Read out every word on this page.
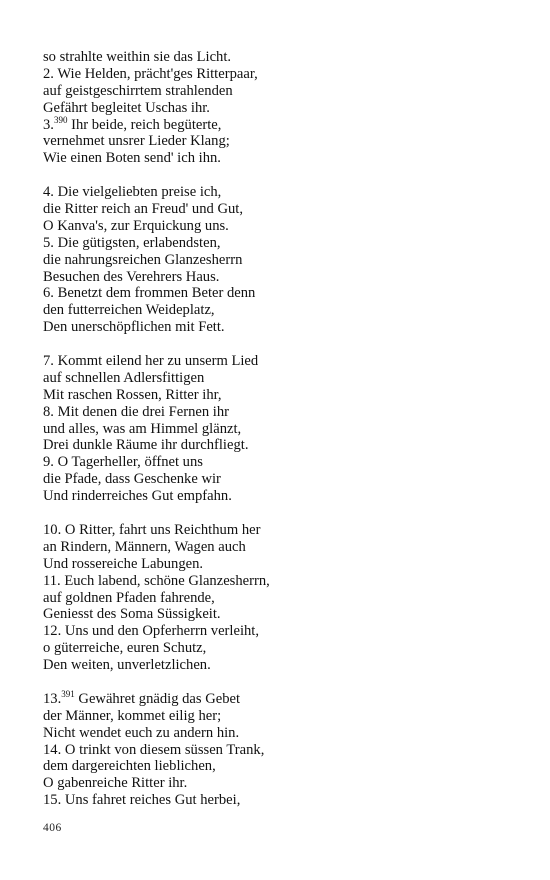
so strahlte weithin sie das Licht.
2. Wie Helden, prächt'ges Ritterpaar,
auf geistgeschirrtem strahlenden
Gefährt begleitet Uschas ihr.
3.$^{390}$ Ihr beide, reich begüterte,
vernehmet unsrer Lieder Klang;
Wie einen Boten send' ich ihn.
4. Die vielgeliebten preise ich,
die Ritter reich an Freud' und Gut,
O Kanva's, zur Erquickung uns.
5. Die gütigsten, erlabendsten,
die nahrungsreichen Glanzesherrn
Besuchen des Verehrers Haus.
6. Benetzt dem frommen Beter denn
den futterreichen Weideplatz,
Den unerschöpflichen mit Fett.
7. Kommt eilend her zu unserm Lied
auf schnellen Adlersfittigen
Mit raschen Rossen, Ritter ihr,
8. Mit denen die drei Fernen ihr
und alles, was am Himmel glänzt,
Drei dunkle Räume ihr durchfliegt.
9. O Tagerheller, öffnet uns
die Pfade, dass Geschenke wir
Und rinderreiches Gut empfahn.
10. O Ritter, fahrt uns Reichthum her
an Rindern, Männern, Wagen auch
Und rossereiche Labungen.
11. Euch labend, schöne Glanzesherrn,
auf goldnen Pfaden fahrende,
Geniesst des Soma Süssigkeit.
12. Uns und den Opferherrn verleiht,
o güterreiche, euren Schutz,
Den weiten, unverletzlichen.
13.$^{391}$ Gewähret gnädig das Gebet
der Männer, kommet eilig her;
Nicht wendet euch zu andern hin.
14. O trinkt von diesem süssen Trank,
dem dargereichten lieblichen,
O gabenreiche Ritter ihr.
15. Uns fahret reiches Gut herbei,
406
